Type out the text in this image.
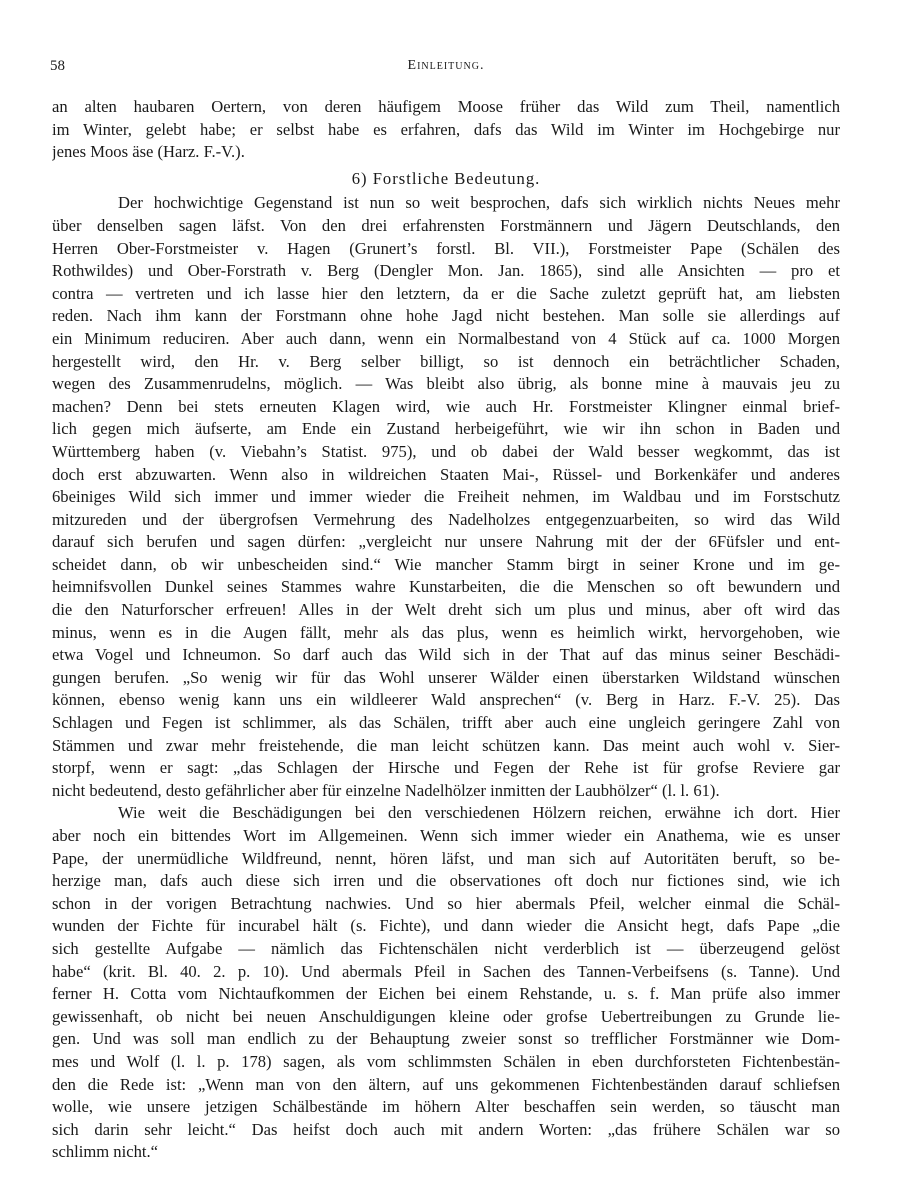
58	Einleitung.
an alten haubaren Oertern, von deren häufigem Moose früher das Wild zum Theil, namentlich
im Winter, gelebt habe; er selbst habe es erfahren, dafs das Wild im Winter im Hochgebirge nur
jenes Moos äse (Harz. F.-V.).
6) Forstliche Bedeutung.
Der hochwichtige Gegenstand ist nun so weit besprochen, dafs sich wirklich nichts Neues mehr
über denselben sagen läfst. Von den drei erfahrensten Forstmännern und Jägern Deutschlands, den
Herren Ober-Forstmeister v. Hagen (Grunert’s forstl. Bl. VII.), Forstmeister Pape (Schälen des
Rothwildes) und Ober-Forstrath v. Berg (Dengler Mon. Jan. 1865), sind alle Ansichten — pro et
contra — vertreten und ich lasse hier den letztern, da er die Sache zuletzt geprüft hat, am liebsten
reden. Nach ihm kann der Forstmann ohne hohe Jagd nicht bestehen. Man solle sie allerdings auf
ein Minimum reduciren. Aber auch dann, wenn ein Normalbestand von 4 Stück auf ca. 1000 Morgen
hergestellt wird, den Hr. v. Berg selber billigt, so ist dennoch ein beträchtlicher Schaden,
wegen des Zusammenrudelns, möglich. — Was bleibt also übrig, als bonne mine à mauvais jeu zu
machen? Denn bei stets erneuten Klagen wird, wie auch Hr. Forstmeister Klingner einmal brief-
lich gegen mich äufserte, am Ende ein Zustand herbeigeführt, wie wir ihn schon in Baden und
Württemberg haben (v. Viebahn’s Statist. 975), und ob dabei der Wald besser wegkommt, das ist
doch erst abzuwarten. Wenn also in wildreichen Staaten Mai-, Rüssel- und Borkenkäfer und anderes
6beiniges Wild sich immer und immer wieder die Freiheit nehmen, im Waldbau und im Forstschutz
mitzureden und der übergrofsen Vermehrung des Nadelholzes entgegenzuarbeiten, so wird das Wild
darauf sich berufen und sagen dürfen: „vergleicht nur unsere Nahrung mit der der 6Füfsler und ent-
scheidet dann, ob wir unbescheiden sind.“ Wie mancher Stamm birgt in seiner Krone und im ge-
heimnifsvollen Dunkel seines Stammes wahre Kunstarbeiten, die die Menschen so oft bewundern und
die den Naturforscher erfreuen! Alles in der Welt dreht sich um plus und minus, aber oft wird das
minus, wenn es in die Augen fällt, mehr als das plus, wenn es heimlich wirkt, hervorgehoben, wie
etwa Vogel und Ichneumon. So darf auch das Wild sich in der That auf das minus seiner Beschädi-
gungen berufen. „So wenig wir für das Wohl unserer Wälder einen überstarken Wildstand wünschen
können, ebenso wenig kann uns ein wildleerer Wald ansprechen“ (v. Berg in Harz. F.-V. 25). Das
Schlagen und Fegen ist schlimmer, als das Schälen, trifft aber auch eine ungleich geringere Zahl von
Stämmen und zwar mehr freistehende, die man leicht schützen kann. Das meint auch wohl v. Sier-
storpf, wenn er sagt: „das Schlagen der Hirsche und Fegen der Rehe ist für grofse Reviere gar
nicht bedeutend, desto gefährlicher aber für einzelne Nadelhölzer inmitten der Laubhölzer“ (l. l. 61).
Wie weit die Beschädigungen bei den verschiedenen Hölzern reichen, erwähne ich dort. Hier
aber noch ein bittendes Wort im Allgemeinen. Wenn sich immer wieder ein Anathema, wie es unser
Pape, der unermüdliche Wildfreund, nennt, hören läfst, und man sich auf Autoritäten beruft, so be-
herzige man, dafs auch diese sich irren und die observationes oft doch nur fictiones sind, wie ich
schon in der vorigen Betrachtung nachwies. Und so hier abermals Pfeil, welcher einmal die Schäl-
wunden der Fichte für incurabel hält (s. Fichte), und dann wieder die Ansicht hegt, dafs Pape „die
sich gestellte Aufgabe — nämlich das Fichtenschälen nicht verderblich ist — überzeugend gelöst
habe“ (krit. Bl. 40. 2. p. 10). Und abermals Pfeil in Sachen des Tannen-Verbeifsens (s. Tanne). Und
ferner H. Cotta vom Nichtaufkommen der Eichen bei einem Rehstande, u. s. f. Man prüfe also immer
gewissenhaft, ob nicht bei neuen Anschuldigungen kleine oder grofse Uebertreibungen zu Grunde lie-
gen. Und was soll man endlich zu der Behauptung zweier sonst so trefflicher Forstmänner wie Dom-
mes und Wolf (l. l. p. 178) sagen, als vom schlimmsten Schälen in eben durchforsteten Fichtenbestän-
den die Rede ist: „Wenn man von den ältern, auf uns gekommenen Fichtenbeständen darauf schliefsen
wolle, wie unsere jetzigen Schälbestände im höhern Alter beschaffen sein werden, so täuscht man
sich darin sehr leicht.“ Das heifst doch auch mit andern Worten: „das frühere Schälen war so
schlimm nicht.“
